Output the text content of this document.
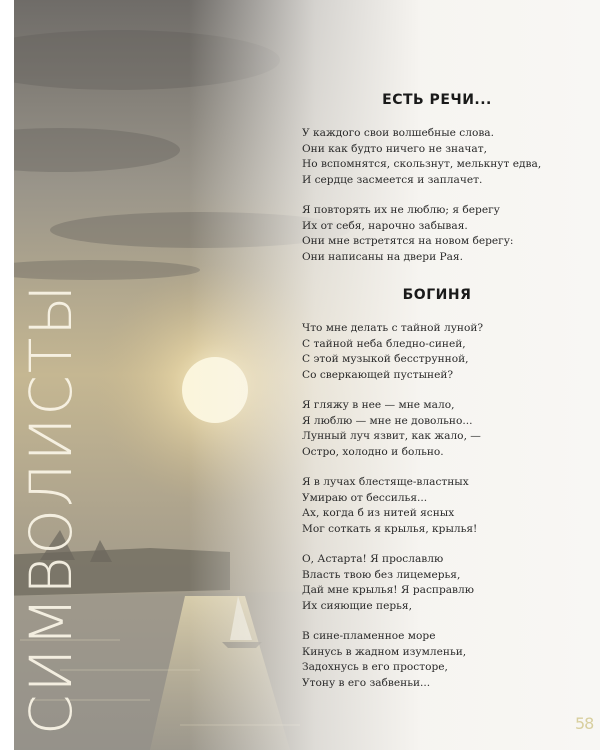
СИМВОЛИСТЫ
ЕСТЬ РЕЧИ...
У каждого свои волшебные слова.
Они как будто ничего не значат,
Но вспомнятся, скользнут, мелькнут едва,
И сердце засмеется и заплачет.
Я повторять их не люблю; я берегу
Их от себя, нарочно забывая.
Они мне встретятся на новом берегу:
Они написаны на двери Рая.
БОГИНЯ
Что мне делать с тайной луной?
С тайной неба бледно-синей,
С этой музыкой бесструнной,
Со сверкающей пустыней?
Я гляжу в нее — мне мало,
Я люблю — мне не довольно...
Лунный луч язвит, как жало, —
Остро, холодно и больно.
Я в лучах блестяще-властных
Умираю от бессилья...
Ах, когда б из нитей ясных
Мог соткать я крылья, крылья!
О, Астарта! Я прославлю
Власть твою без лицемерья,
Дай мне крылья! Я расправлю
Их сияющие перья,
В сине-пламенное море
Кинусь в жадном изумленьи,
Задохнусь в его просторе,
Утону в его забвеньи...
58
